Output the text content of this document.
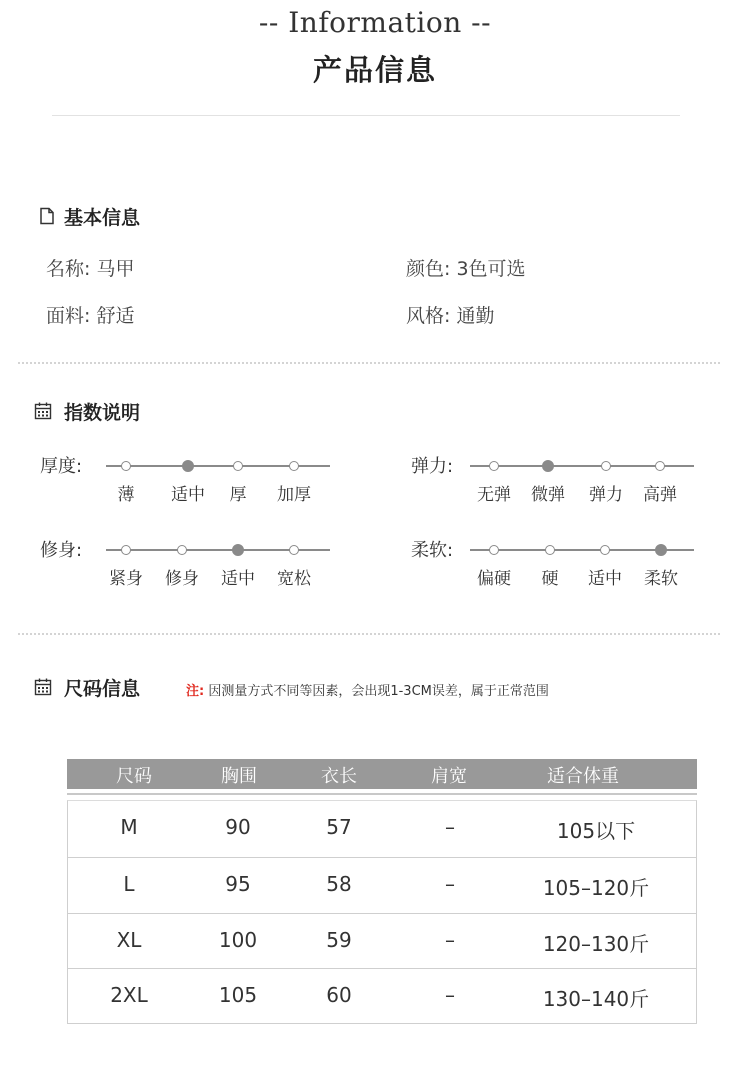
-- Information --
产品信息
基本信息
名称: 马甲	颜色: 3色可选
面料: 舒适	风格: 通勤
指数说明
厚度:
薄	适中	厚	加厚
弹力:
无弹	微弹	弹力	高弹
修身:
紧身	修身	适中	宽松
柔软:
偏硬	硬	适中	柔软
尺码信息	注: 因测量方式不同等因素，会出现1-3CM误差，属于正常范围
尺码	胸围	衣长	肩宽	适合体重
M	90	57	–	105以下
L	95	58	–	105–120斤
XL	100	59	–	120–130斤
2XL	105	60	–	130–140斤
